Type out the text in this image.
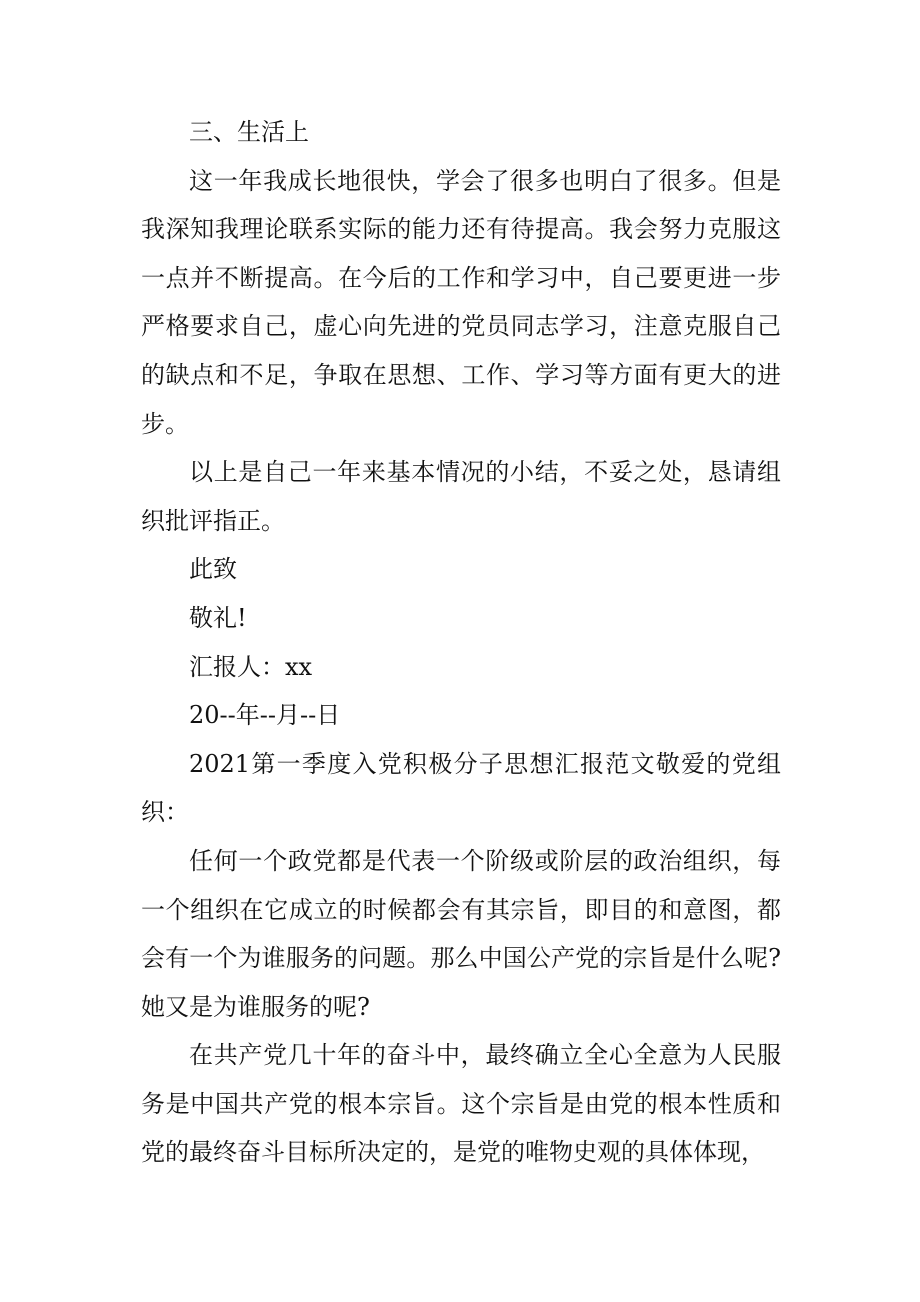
三、生活上

这一年我成长地很快，学会了很多也明白了很多。但是我深知我理论联系实际的能力还有待提高。我会努力克服这一点并不断提高。在今后的工作和学习中，自己要更进一步严格要求自己，虚心向先进的党员同志学习，注意克服自己的缺点和不足，争取在思想、工作、学习等方面有更大的进步。

以上是自己一年来基本情况的小结，不妥之处，恳请组织批评指正。

此致

敬礼!

汇报人：xx

20--年--月--日

2021第一季度入党积极分子思想汇报范文敬爱的党组织：

任何一个政党都是代表一个阶级或阶层的政治组织，每一个组织在它成立的时候都会有其宗旨，即目的和意图，都会有一个为谁服务的问题。那么中国公产党的宗旨是什么呢?她又是为谁服务的呢?

在共产党几十年的奋斗中，最终确立全心全意为人民服务是中国共产党的根本宗旨。这个宗旨是由党的根本性质和党的最终奋斗目标所决定的，是党的唯物史观的具体体现，
